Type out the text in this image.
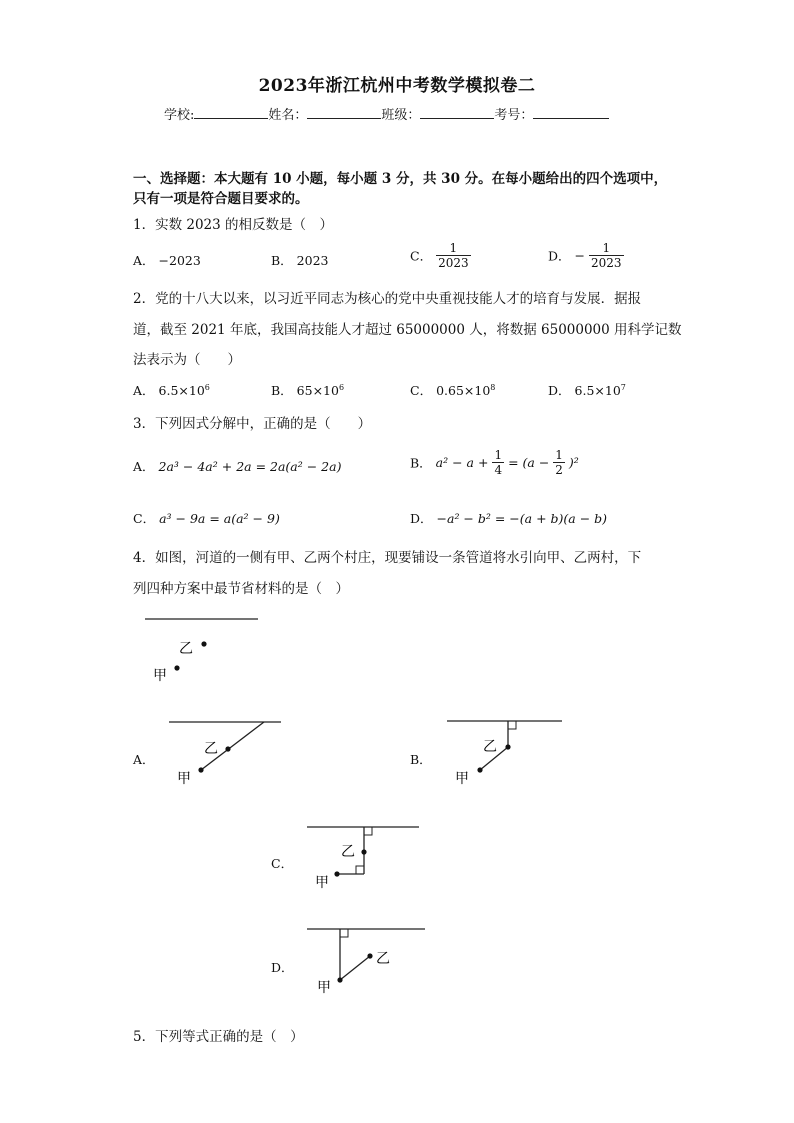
2023年浙江杭州中考数学模拟卷二
学校:	姓名：	班级：	考号：
一、选择题：本大题有 10 小题，每小题 3 分，共 30 分。在每小题给出的四个选项中，
只有一项是符合题目要求的。
1．实数 2023 的相反数是（　）
A． −2023	B． 2023	C． $\frac{1}{2023}$	D． − $\frac{1}{2023}$
2．党的十八大以来，以习近平同志为核心的党中央重视技能人才的培育与发展．据报
道，截至 2021 年底，我国高技能人才超过 65000000 人，将数据 65000000 用科学记数
法表示为（　　）
A． $6.5\times 10^6$	B． $65\times 10^6$	C． $0.65\times 10^8$	D． $6.5\times 10^7$
3．下列因式分解中，正确的是（　　）
A． 2a³ − 4a² + 2a = 2a(a² − 2a)	B． $a^2 - a + \frac{1}{4} = (a - \frac{1}{2} )^2$
C． a³ − 9a = a(a² − 9)	D． −a² − b² = −(a + b)(a − b)
4．如图，河道的一侧有甲、乙两个村庄，现要铺设一条管道将水引向甲、乙两村，下
列四种方案中最节省材料的是（　）
乙
甲
A．
乙
甲
B．
乙
甲
C．
乙
甲
D．
乙
甲
5．下列等式正确的是（　）
